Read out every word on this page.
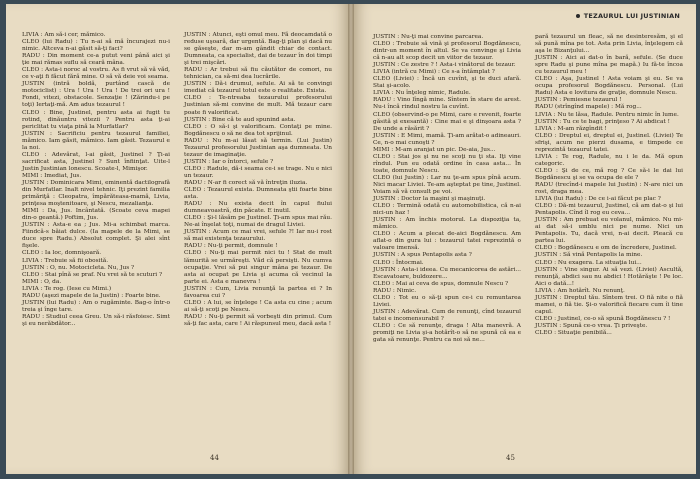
LIVIA : Am să-i cer, mămico.

CLEO (lui Radu) : Tu n-ai să mă încurajezi nu-i nimic. Altceva n-ai găsit să-ţi faci?

RADU : Din moment ce-a putut veni până aici şi ţie mai rămas suflu să ceară mâna.

CLEO : Asta-i noroc al vostru. As fi vrut să vă văd, ce v-aţi fi făcut fără mine. O să vă deie voi seama.

JUSTIN (intră boldă, purtând cască de motociclist) : Ura ! Ura ! Ura ! De trei ori ura ! Fondi, vitezi, obstacole. Senzaţie ! (Zărindu-i pe toţi) Iertaţi-mă. Am adus tezaurul !

CLEO : Bine, Justinel, pentru asta ai fugit tu rotind, dinăuntru vitezii ? Pentru asta ţi-ai periclitat tu viaţa pină la Murfatlar?

JUSTIN : Sacrificiu pentru tezaurul familiei, mămico. Iam găsit, mămico. Iam găsit. Tezaurul e la noi.

CLEO : Adevărat, l-ai găsit, Justinel ? Ţi-ai sacrificat asta, Justinel ? Sunt înfiinţat. Uite-l Justin Justinian lonescu. Scoate-l, Mimişor.

MIMI : Imediat, Jus.

JUSTIN : Dominicara Mimi, eminentă dactilografă din Murfatlar. Inalt nivel tehnic. Iţi prezint familia primăriţă : Cleopatra, împărăteasa-mamă, Livia, prinţesa moştenitoare, şi Nescu, mezalianţa.

MIMI : Da, Jus. Incântată. (Scoate ceva mapei din-o geantă.) Poftim, Jus.

JUSTIN : Asta-e ea ; Jus. Mi-a schimbat marca. Fiindcă-s băiat dulce. (Ia mapele de la Mimi, se duce spre Radu.) Absolut complet. Şi alei sînt fişele.

CLEO : Ia loc, domnişoară.

LIVIA : Trebuie să fii obosită.

JUSTIN : O, nu. Motocicleta. Nu, Jus ?

CLEO : Stai pînă se praf. Nu vrei să te scuturi ?

MIMI : O, da.

LIVIA : Te rog. (Iese cu Mimi.)

RADU (aşezi mapele de la Justin) : Foarte bine.

JUSTIN (lui Radu) : Am o rugăminte. Bag-o într-o treia şi înge tare.

RADU : Studiul ceea Greu. Un să-i răsfoiesc. Simt şi eu nerăbdător...

JUSTIN : Atunci, eşti omul meu. Fă deocamdată o reduse uşoară, dar urgentă. Bag-ţi plan şi dacă nu se găseşte, dar m-am gândit chiar de contact. Dumneata, ca specialist, dai de tezaur în doi timpi şi trei mişcări.

RADU : Ar trebui să fiu căutător de comori, nu tehnician, ca să-mi dea lucrările.

JUSTIN : Dă-i drumul, sefule. Ai să te convingi imediat că tezaurul totul este o realitate. Exista.

CLEO : Te-ntreaba tezaurului profesorului Justinian să-mi convine de mult. Mă tezaur care poate fi valorificat.

JUSTIN : Bine că te aud spunind asta.

CLEO : O să-i şi valorificam. Contaţi pe mine. Bogdănescu o să ne dea tot sprijinul.

RADU : Nu m-ai lăsat să termin. (Lui Justin) Tezaurul profesorului Justinian aşa dumneata. Un tezaur de imaginaţie.

JUSTIN : Iar o întorci, sefule ?

CLEO : Radule, dă-i seama ce-i se trage. Nu e nici un tezaur.

RADU : N-ar fi corect să vă întreţin iluzia.

CLEO : Tezaurul exista. Dumneata ştii foarte bine asta.

RADU : Nu exista decit în capul fiului dumneavoastră, din păcate. E inutil.

CLEO : Şi-l lăsăm pe Justinel. Ţi-am spus mai rău. Ne-ai înşelat toţi, numai de dragul Liviei.

JUSTIN : Acum ce mai vrei, sefule ?! Iar nu-i rost să mai existenţa tezaurului.

RADU : Nu-ţi permit, domnule !

CLEO : Nu-ţi mai permit nici tu ! Stat de mult lămurită se urmăreşti. Văd că persişti. Nu cumva ocupaţie. Vrei să pui singur mâna pe tezaur. De asta ai ocupat pe Livia şi acuma că vecinul la parte ei. Asta e manevra !

JUSTIN : Cum, Livia renunţă la partea ei ? In favoarea cui ?

CLEO : A lui, se înţelege ! Ca asta cu cine ; acum ai să-ţi scoţi pe Nescu.

RADU : Nu-ţi permit să vorbeşti din primul. Cum să-ţi fac asta, care ! Ai răspunsul meu, dacă asta !

44
TEZAURUL LUI JUSTINIAN

JUSTIN : Nu-ţi mai convine parcarea.

CLEO : Trebuie să vină şi profesorul Bogdănescu, dintr-un moment în altul. Se va convinge şi Livia că n-au alt scop decit un viitor de tezaur.

JUSTIN : Ce zestre ? ! Asta-i vinătorul de tezaur.

LIVIA (intră cu Mimi) : Ce s-a întâmplat ?

CLEO (Liviei) : Încă un cuvînt, şi te duci afară. Stai şi-acolo.

LIVIA : Nu înţeleg nimic, Radule.

RADU : Vino lîngă mine. Sîntem în stare de arest. Nu-i încă rindul nostru la cuvînt.

CLEO (observind-o pe Mimi, care e revenit, foarte găsită şi exesantă) : Cine mai e şi dinşoara asta ? De unde a răsărit ?

JUSTIN : E Mimi, mamă. Ţi-am arătat-o adineauri. Ce, n-o mai cunoşti ?

MIMI : M-am aranjat un pic. De-aia, Jus...

CLEO : Stai jos şi nu ne scoţi nu ţi sta. Iţi vine rîndul. Pun eu odată ordine în casa asta... În toate, domnule Nescu.

CLEO (lui Justin) : Lar nu ţe-am spus pînă acum. Nici macar Liviei. Te-am aşteptat pe tine, Justinel. Voiam să vă consult pe voi.

JUSTIN : Doctor la maşini şi maşinuţi.

CLEO : Termină odată cu automobilistica, că n-ai nici-un haz !

JUSTIN : Am închis motorul. La dispoziţia ta, mămico.

CLEO : Acum a plecat de-aici Bogdănescu. Am aflat-o din gura lui : tezaurul tatei reprezintă o valoare imensă.

JUSTIN : A spus Pentapolis asta ?

CLEO : Întocmai.

JUSTIN : Asta-i ideea. Cu mecanicorea de astări... Escavatoare, buldozere...

CLEO : Mai ai ceva de spus, domnule Nescu ?

RADU : Nimic.

CLEO : Tot eu o să-ţi spun ce-i cu remuntarea Liviei.

JUSTIN : Adevărat. Cum de renunţi, cînd tezaurul tatei e incomensurabil ?

CLEO : Ce să renunţe, draga ! Alta manevră. A promiţi ne Livia şi-a hotărît-o să ne spună că ea e gata să renunţe. Pentru ca noi să ne...

pară tezaurul un fleac, să ne desinteresăm, şi el să pună mîna pe tot. Asta prin Livia, înţelegem că aşa le Bizanţului...

JUSTIN : Aici ai dat-o în bară, sefule. (Se duce spre Radu şi pune mîna pe mapă.) Iu fă-te încoa cu tezaurul meu !

CLEO : Aşa, Justinel ! Asta voiam şi eu. Se va ocupa profesorul Bogdănescu. Personal. (Lui Radu) Asta e lovitura de graţie, domnule Nescu.

JUSTIN : Pemiesne tezaurul !

RADU (strîngînd mapele) : Mă rog...

LIVIA : Nu te lăsa, Radule. Pentru nimic în lume.

JUSTIN : Tu ce te bagi, prinţeso ? Ai abdicat !

LIVIA : M-am răzgîndit !

CLEO : Dreptul ei, dreptul ei, Justinel. (Liviei) Te sfrişi, acum ne pierzi dusama, e timpede ce reprezintă tezaurul tatei.

LIVIA : Te rog, Radule, nu i le da. Mă opun categoric.

CLEO : Şi de ce, mă rog ? Ce să-i le dai lui Bogdănescu şi se va ocupa de ele ?

RADU (trecînd-i mapele lui Justin) : N-are nici un rost, draga mea.

LIVIA (lui Radu) : De ce i-ai făcut pe plac ?

CLEO : Dă-mi tezaurul, Justinel, că am dat-o şi lui Pentapolis. Cînd îl rog eu ceva...

JUSTIN : Am prebuat eu volanul, mămico. Nu mi-ai dat să-i umblu nici pe nume. Nici un Pentapolis. Tu, dacă vrei, n-ai decit. Pleacă cu partea lui.

CLEO : Bogdănescu e om de încredere, Justinel.

JUSTIN : Să vină Pentapolis la mine.

CLEO : Nu exagera. La situaţia lui...

JUSTIN : Vine singur. Ai să vezi. (Liviei) Ascultă, renunţă, abdici sau nu abdici ! Hotărăşte ! Pe loc. Aici o dată...!

LIVIA : Am hotărît. Nu renunţ.

JUSTIN : Dreptul tău. Sîntem trei. O fiă nite o fiă mamei, o fiă tie. Şi-o valorifică fiecare cum îi tine capul.

CLEO : Justinel, ce-o să spună Bogdănescu ? !

JUSTIN : Spună ce-o vrea. Ţi priveşte.

CLEO : Situaţie penibilă...

45
